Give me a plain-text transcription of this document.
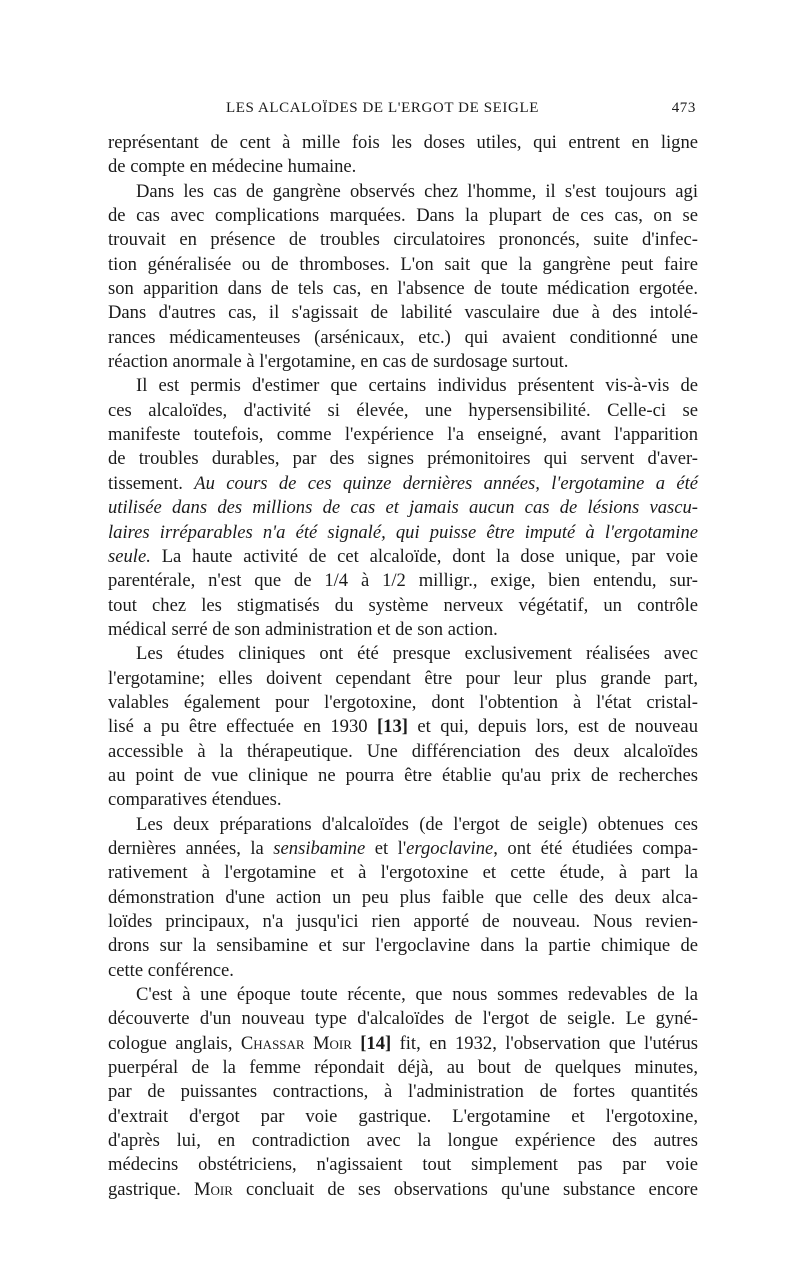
LES ALCALOÏDES DE L'ERGOT DE SEIGLE	473

représentant de cent à mille fois les doses utiles, qui entrent en ligne
de compte en médecine humaine.

Dans les cas de gangrène observés chez l'homme, il s'est toujours agi
de cas avec complications marquées. Dans la plupart de ces cas, on se
trouvait en présence de troubles circulatoires prononcés, suite d'infec-
tion généralisée ou de thromboses. L'on sait que la gangrène peut faire
son apparition dans de tels cas, en l'absence de toute médication ergotée.
Dans d'autres cas, il s'agissait de labilité vasculaire due à des intolé-
rances médicamenteuses (arsénicaux, etc.) qui avaient conditionné une
réaction anormale à l'ergotamine, en cas de surdosage surtout.

Il est permis d'estimer que certains individus présentent vis-à-vis de
ces alcaloïdes, d'activité si élevée, une hypersensibilité. Celle-ci se
manifeste toutefois, comme l'expérience l'a enseigné, avant l'apparition
de troubles durables, par des signes prémonitoires qui servent d'aver-
tissement. Au cours de ces quinze dernières années, l'ergotamine a été
utilisée dans des millions de cas et jamais aucun cas de lésions vascu-
laires irréparables n'a été signalé, qui puisse être imputé à l'ergotamine
seule. La haute activité de cet alcaloïde, dont la dose unique, par voie
parentérale, n'est que de 1/4 à 1/2 milligr., exige, bien entendu, sur-
tout chez les stigmatisés du système nerveux végétatif, un contrôle
médical serré de son administration et de son action.

Les études cliniques ont été presque exclusivement réalisées avec
l'ergotamine; elles doivent cependant être pour leur plus grande part,
valables également pour l'ergotoxine, dont l'obtention à l'état cristal-
lisé a pu être effectuée en 1930 [13] et qui, depuis lors, est de nouveau
accessible à la thérapeutique. Une différenciation des deux alcaloïdes
au point de vue clinique ne pourra être établie qu'au prix de recherches
comparatives étendues.

Les deux préparations d'alcaloïdes (de l'ergot de seigle) obtenues ces
dernières années, la sensibamine et l'ergoclavine, ont été étudiées compa-
rativement à l'ergotamine et à l'ergotoxine et cette étude, à part la
démonstration d'une action un peu plus faible que celle des deux alca-
loïdes principaux, n'a jusqu'ici rien apporté de nouveau. Nous revien-
drons sur la sensibamine et sur l'ergoclavine dans la partie chimique de
cette conférence.

C'est à une époque toute récente, que nous sommes redevables de la
découverte d'un nouveau type d'alcaloïdes de l'ergot de seigle. Le gyné-
cologue anglais, Chassar Moir [14] fit, en 1932, l'observation que l'utérus
puerpéral de la femme répondait déjà, au bout de quelques minutes,
par de puissantes contractions, à l'administration de fortes quantités
d'extrait d'ergot par voie gastrique. L'ergotamine et l'ergotoxine,
d'après lui, en contradiction avec la longue expérience des autres
médecins obstétriciens, n'agissaient tout simplement pas par voie
gastrique. Moir concluait de ses observations qu'une substance encore
